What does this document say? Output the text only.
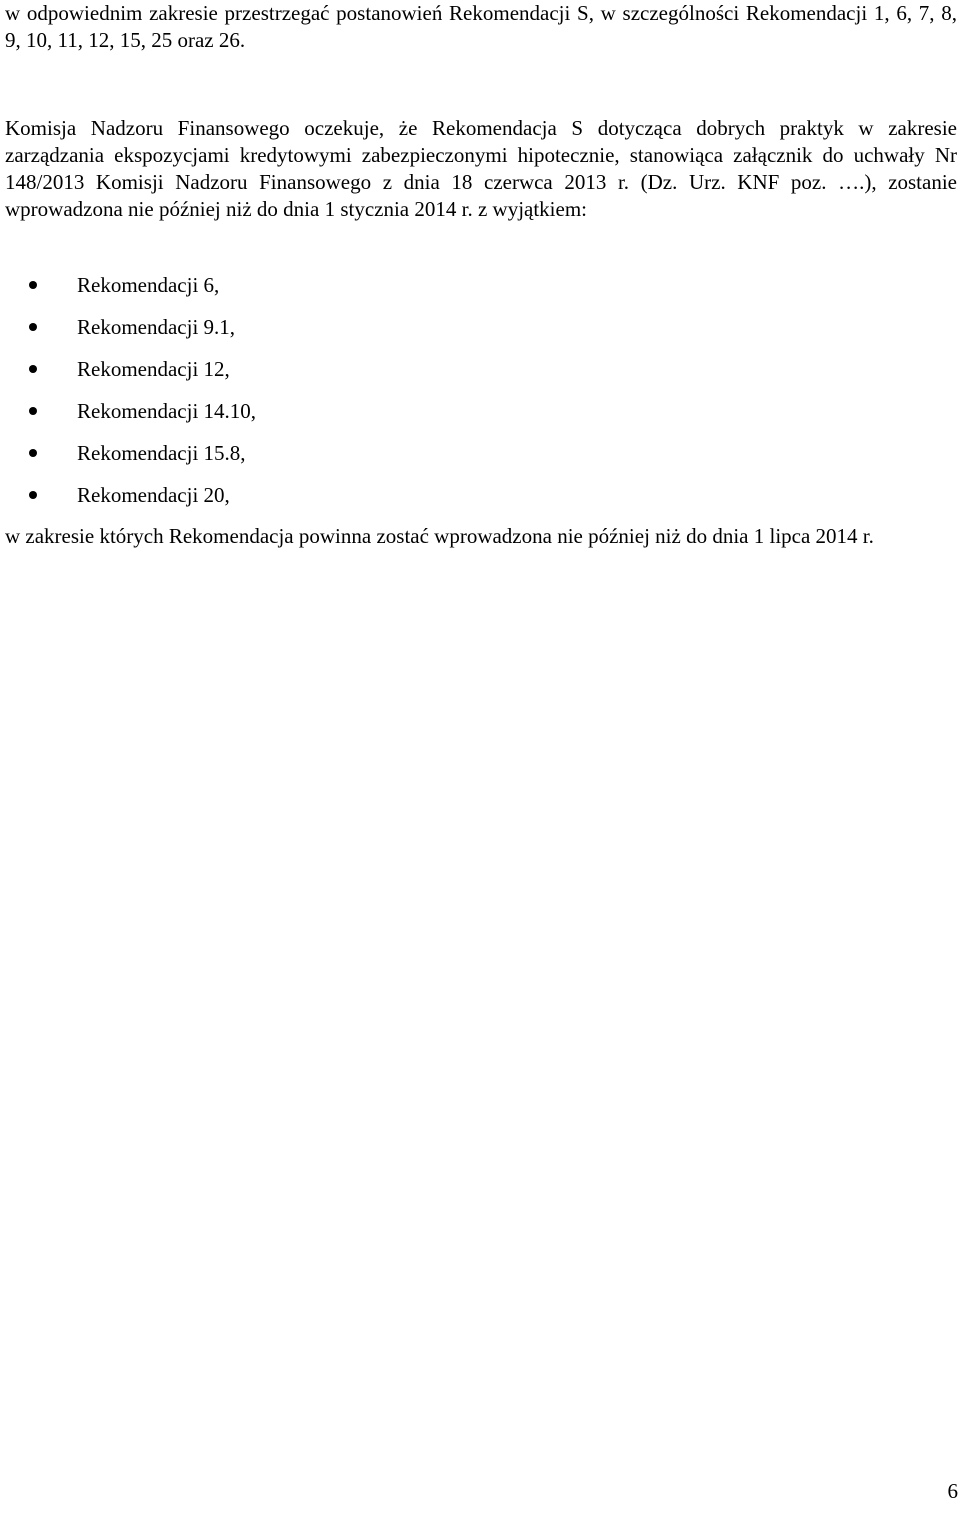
w odpowiednim zakresie przestrzegać postanowień Rekomendacji S, w szczególności Rekomendacji 1, 6, 7, 8, 9, 10, 11, 12, 15, 25 oraz 26.

Komisja Nadzoru Finansowego oczekuje, że Rekomendacja S dotycząca dobrych praktyk w zakresie zarządzania ekspozycjami kredytowymi zabezpieczonymi hipotecznie, stanowiąca załącznik do uchwały Nr 148/2013 Komisji Nadzoru Finansowego z dnia 18 czerwca 2013 r. (Dz. Urz. KNF poz. ….), zostanie wprowadzona nie później niż do dnia 1 stycznia 2014 r. z wyjątkiem:

Rekomendacji 6,
Rekomendacji 9.1,
Rekomendacji 12,
Rekomendacji 14.10,
Rekomendacji 15.8,
Rekomendacji 20,

w zakresie których Rekomendacja powinna zostać wprowadzona nie później niż do dnia 1 lipca 2014 r.

6
